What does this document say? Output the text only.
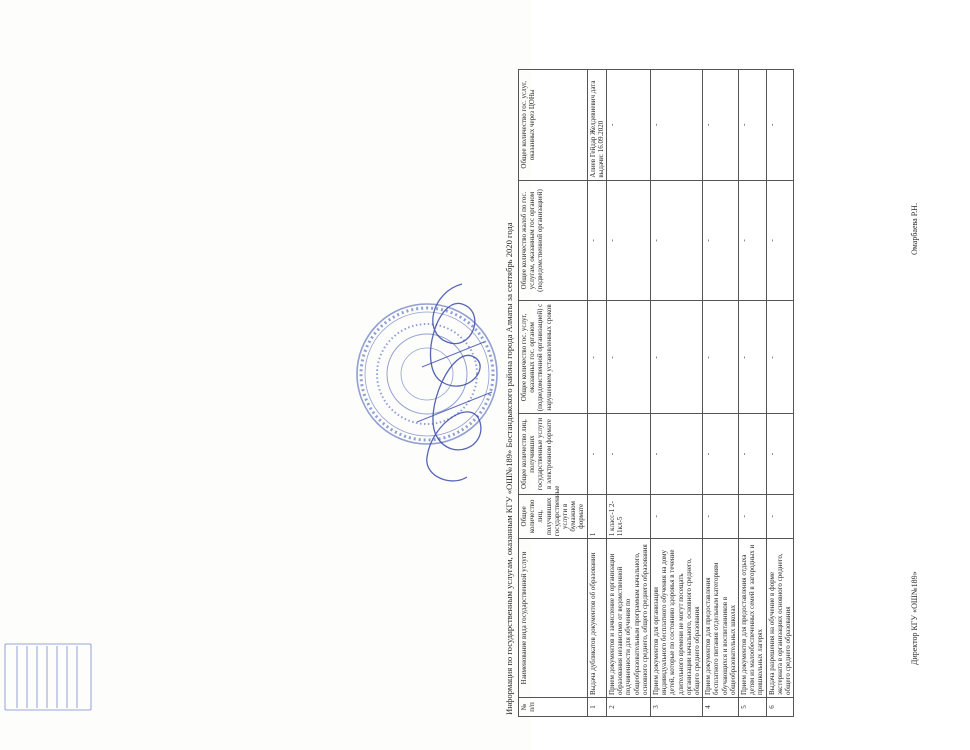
Информация по государственным услугам, оказанным КГУ «ОШ№189» Бостандыкского района города Алматы за сентябрь 2020 года № п/п	Наименование вида государственной услуги	Общее количество лиц, получивших государственные услуги в бумажном формате	Общее количество лиц, получивших государственные услуги в электронном формате	Общее количество гос. услуг, оказанных гос. органом (подведомственной организацией) с нарушением установленных сроков	Общее количество жалоб по гос. услугам, оказанным гос органом (подведомственной организацией)	Общее количество гос. услуг, оказанных через ЦОНы
1	Выдача дубликатов документов об образовании	1	-	-	-	Алиев Гейдар Желдевиевич дата выдачи: 16.09.2020
2	Прием документов и зачисление в организации образования независимо от ведомственной подчиненности для обучения по общеобразовательным программам начального, основного среднего, общего среднего образования	1 класс-1 2-11кл-5	-	-	-	-
3	Прием документов для организации индивидуального бесплатного обучения на дому детей, которые по состоянию здоровья в течение длительного времени не могут посещать организации начального, основного среднего, общего среднего образования	-	-	-	-	-
4	Прием документов для предоставления бесплатного питания отдельным категориям обучающихся и воспитанников в общеобразовательных школах	-	-	-	-	-
5	Прием документов для предоставления отдыха детям из малообеспеченных семей в загородных и пришкольных лагерях	-	-	-	-	-
6	Выдача разрешения на обучение в форме экстерната в организациях основного среднего, общего среднего образования	-	-	-	-	-
Директор КГУ «ОШ№189»
Омарбаева Р.Н.
